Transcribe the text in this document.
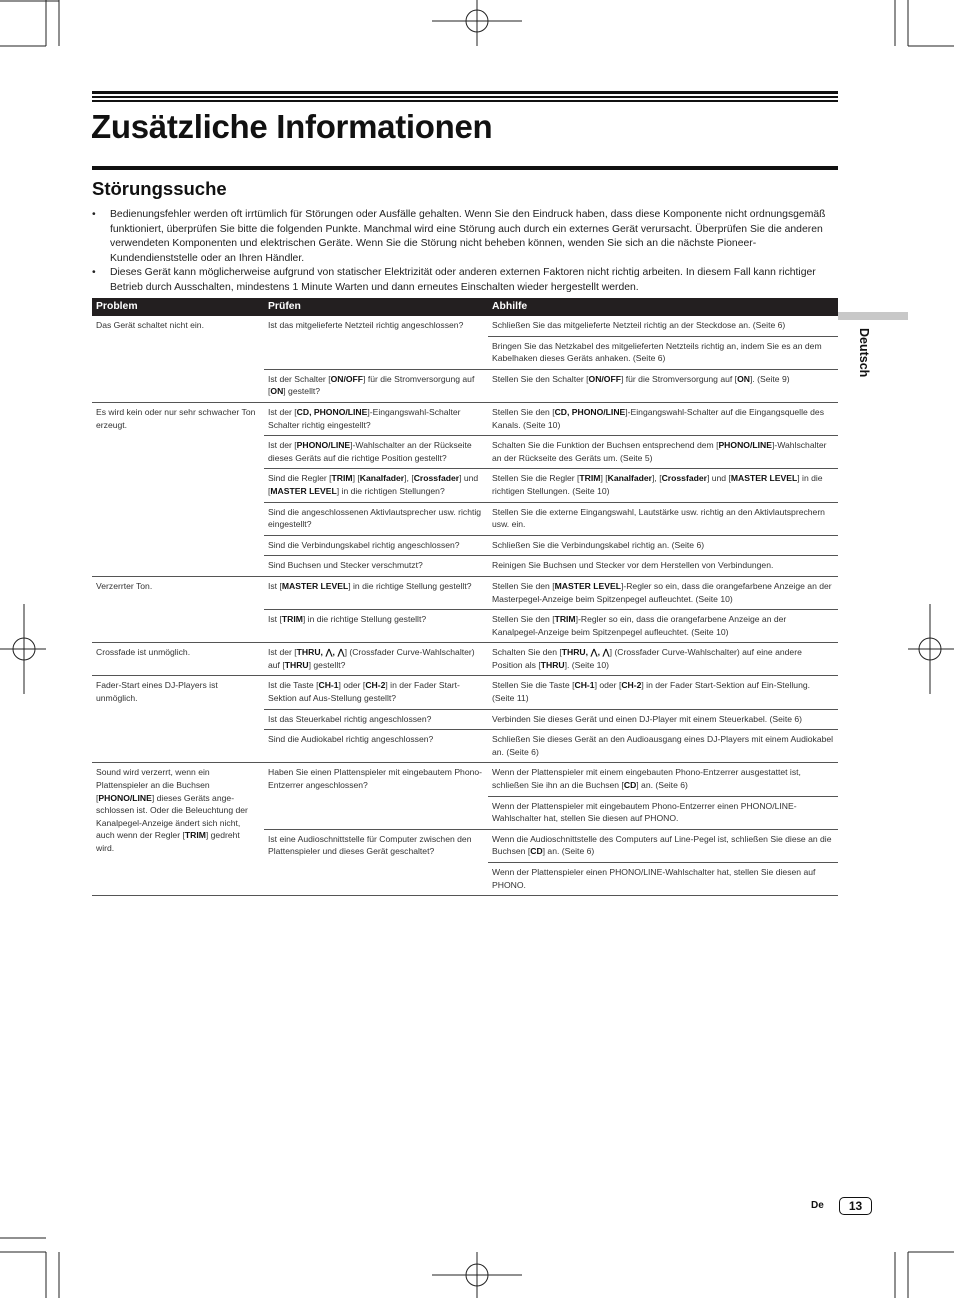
Zusätzliche Informationen
Störungssuche
• Bedienungsfehler werden oft irrtümlich für Störungen oder Ausfälle gehalten. Wenn Sie den Eindruck haben, dass diese Komponente nicht ordnungsgemäß funktioniert, überprüfen Sie bitte die folgenden Punkte. Manchmal wird eine Störung auch durch ein externes Gerät verursacht. Überprüfen Sie die anderen verwendeten Komponenten und elektrischen Geräte. Wenn Sie die Störung nicht beheben können, wenden Sie sich an die nächste Pioneer-Kundendienststelle oder an Ihren Händler.
• Dieses Gerät kann möglicherweise aufgrund von statischer Elektrizität oder anderen externen Faktoren nicht richtig arbeiten. In diesem Fall kann richtiger Betrieb durch Ausschalten, mindestens 1 Minute Warten und dann erneutes Einschalten wieder hergestellt werden.
Problem	Prüfen	Abhilfe
Das Gerät schaltet nicht ein.	Ist das mitgelieferte Netzteil richtig angeschlossen?	Schließen Sie das mitgelieferte Netzteil richtig an der Steckdose an. (Seite 6)
		Bringen Sie das Netzkabel des mitgelieferten Netzteils richtig an, indem Sie es an dem Kabelhaken dieses Geräts anhaken. (Seite 6)
	Ist der Schalter [ON/OFF] für die Stromversorgung auf [ON] gestellt?	Stellen Sie den Schalter [ON/OFF] für die Stromversorgung auf [ON]. (Seite 9)
Es wird kein oder nur sehr schwacher Ton erzeugt.	Ist der [CD, PHONO/LINE]-Eingangswahl-Schalter Schalter richtig eingestellt?	Stellen Sie den [CD, PHONO/LINE]-Eingangswahl-Schalter auf die Eingangsquelle des Kanals. (Seite 10)
	Ist der [PHONO/LINE]-Wahlschalter an der Rückseite dieses Geräts auf die richtige Position gestellt?	Schalten Sie die Funktion der Buchsen entsprechend dem [PHONO/LINE]-Wahlschalter an der Rückseite des Geräts um. (Seite 5)
	Sind die Regler [TRIM] [Kanalfader], [Crossfader] und [MASTER LEVEL] in die richtigen Stellungen?	Stellen Sie die Regler [TRIM] [Kanalfader], [Crossfader] und [MASTER LEVEL] in die richtigen Stellungen. (Seite 10)
	Sind die angeschlossenen Aktivlautsprecher usw. richtig eingestellt?	Stellen Sie die externe Eingangswahl, Lautstärke usw. richtig an den Aktivlautsprechern usw. ein.
	Sind die Verbindungskabel richtig angeschlossen?	Schließen Sie die Verbindungskabel richtig an. (Seite 6)
	Sind Buchsen und Stecker verschmutzt?	Reinigen Sie Buchsen und Stecker vor dem Herstellen von Verbindungen.
Verzerrter Ton.	Ist [MASTER LEVEL] in die richtige Stellung gestellt?	Stellen Sie den [MASTER LEVEL]-Regler so ein, dass die orangefarbene Anzeige an der Masterpegel-Anzeige beim Spitzenpegel aufleuchtet. (Seite 10)
	Ist [TRIM] in die richtige Stellung gestellt?	Stellen Sie den [TRIM]-Regler so ein, dass die orangefarbene Anzeige an der Kanalpegel-Anzeige beim Spitzenpegel aufleuchtet. (Seite 10)
Crossfade ist unmöglich.	Ist der [THRU, ⋀, ⋀] (Crossfader Curve-Wahlschalter) auf [THRU] gestellt?	Schalten Sie den [THRU, ⋀, ⋀] (Crossfader Curve-Wahlschalter) auf eine andere Position als [THRU]. (Seite 10)
Fader-Start eines DJ-Players ist unmöglich.	Ist die Taste [CH-1] oder [CH-2] in der Fader Start-Sektion auf Aus-Stellung gestellt?	Stellen Sie die Taste [CH-1] oder [CH-2] in der Fader Start-Sektion auf Ein-Stellung. (Seite 11)
	Ist das Steuerkabel richtig angeschlossen?	Verbinden Sie dieses Gerät und einen DJ-Player mit einem Steuerkabel. (Seite 6)
	Sind die Audiokabel richtig angeschlossen?	Schließen Sie dieses Gerät an den Audioausgang eines DJ-Players mit einem Audiokabel an. (Seite 6)
Sound wird verzerrt, wenn ein Plattenspieler an die Buchsen [PHONO/LINE] dieses Geräts angeschlossen ist. Oder die Beleuchtung der Kanalpegel-Anzeige ändert sich nicht, auch wenn der Regler [TRIM] gedreht wird.	Haben Sie einen Plattenspieler mit eingebautem Phono-Entzerrer angeschlossen?	Wenn der Plattenspieler mit einem eingebauten Phono-Entzerrer ausgestattet ist, schließen Sie ihn an die Buchsen [CD] an. (Seite 6)
		Wenn der Plattenspieler mit eingebautem Phono-Entzerrer einen PHONO/LINE-Wahlschalter hat, stellen Sie diesen auf PHONO.
	Ist eine Audioschnittstelle für Computer zwischen den Plattenspieler und dieses Gerät geschaltet?	Wenn die Audioschnittstelle des Computers auf Line-Pegel ist, schließen Sie diese an die Buchsen [CD] an. (Seite 6)
		Wenn der Plattenspieler einen PHONO/LINE-Wahlschalter hat, stellen Sie diesen auf PHONO.
Deutsch
De	13
